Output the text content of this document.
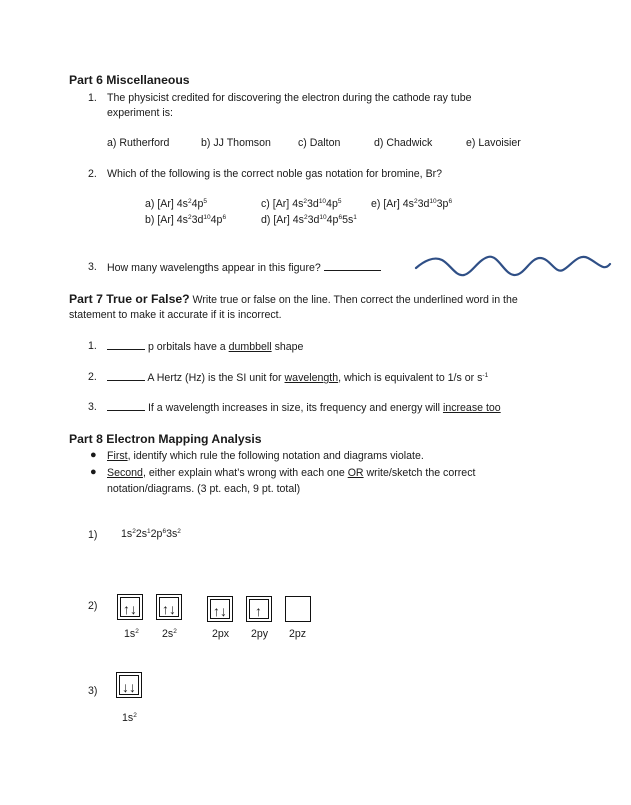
Part 6 Miscellaneous
1. The physicist credited for discovering the electron during the cathode ray tube
experiment is:
a) Rutherford	b) JJ Thomson	c) Dalton	d) Chadwick	e) Lavoisier
2. Which of the following is the correct noble gas notation for bromine, Br?
a) [Ar] $4s^24p^5$	c) [Ar] $4s^23d^{10}4p^5$	e) [Ar] $4s^23d^{10}3p^6$
b) [Ar] $4s^23d^{10}4p^6$	d) [Ar] $4s^23d^{10}4p^65s^1$
3. How many wavelengths appear in this figure?
Part 7 True or False? Write true or false on the line. Then correct the underlined word in the
statement to make it accurate if it is incorrect.
1.	p orbitals have a dumbbell shape
2.	A Hertz (Hz) is the SI unit for wavelength, which is equivalent to 1/s or $s^{-1}$
3.	If a wavelength increases in size, its frequency and energy will increase too
Part 8 Electron Mapping Analysis
● First, identify which rule the following notation and diagrams violate.
● Second, either explain what’s wrong with each one OR write/sketch the correct
notation/diagrams. (3 pt. each, 9 pt. total)
1) $1s^22s^12p^63s^2$
2) ↑ ↓ ↑ ↓	↑ ↓ ↑
$1s^2$ $2s^2$	2px 2py 2pz
3) ↓ ↓
$1s^2$
